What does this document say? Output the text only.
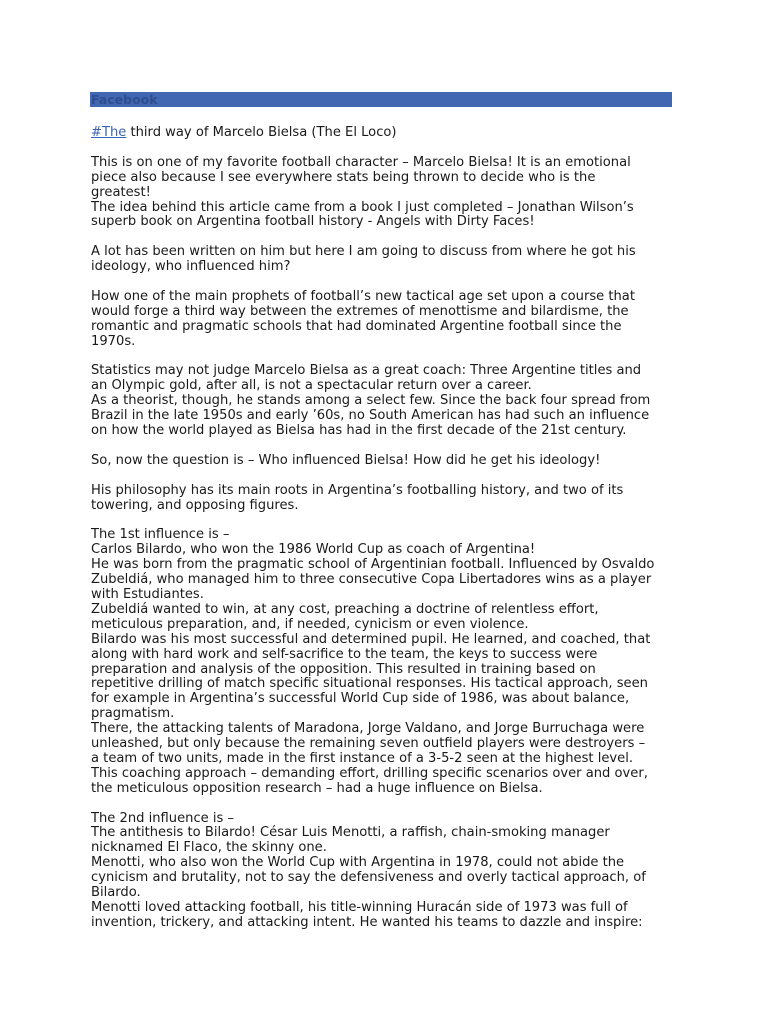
Facebook

#The third way of Marcelo Bielsa (The El Loco)

This is on one of my favorite football character – Marcelo Bielsa! It is an emotional

piece also because I see everywhere stats being thrown to decide who is the

greatest!

The idea behind this article came from a book I just completed – Jonathan Wilson’s

superb book on Argentina football history - Angels with Dirty Faces!

A lot has been written on him but here I am going to discuss from where he got his

ideology, who influenced him?

How one of the main prophets of football’s new tactical age set upon a course that

would forge a third way between the extremes of menottisme and bilardisme, the

romantic and pragmatic schools that had dominated Argentine football since the

1970s.

Statistics may not judge Marcelo Bielsa as a great coach: Three Argentine titles and

an Olympic gold, after all, is not a spectacular return over a career.

As a theorist, though, he stands among a select few. Since the back four spread from

Brazil in the late 1950s and early ’60s, no South American has had such an influence

on how the world played as Bielsa has had in the first decade of the 21st century.

So, now the question is – Who influenced Bielsa! How did he get his ideology!

His philosophy has its main roots in Argentina’s footballing history, and two of its

towering, and opposing figures.

The 1st influence is –

Carlos Bilardo, who won the 1986 World Cup as coach of Argentina!

He was born from the pragmatic school of Argentinian football. Influenced by Osvaldo

Zubeldiá, who managed him to three consecutive Copa Libertadores wins as a player

with Estudiantes.

Zubeldiá wanted to win, at any cost, preaching a doctrine of relentless effort,

meticulous preparation, and, if needed, cynicism or even violence.

Bilardo was his most successful and determined pupil. He learned, and coached, that

along with hard work and self-sacrifice to the team, the keys to success were

preparation and analysis of the opposition. This resulted in training based on

repetitive drilling of match specific situational responses. His tactical approach, seen

for example in Argentina’s successful World Cup side of 1986, was about balance,

pragmatism.

There, the attacking talents of Maradona, Jorge Valdano, and Jorge Burruchaga were

unleashed, but only because the remaining seven outfield players were destroyers –

a team of two units, made in the first instance of a 3-5-2 seen at the highest level.

This coaching approach – demanding effort, drilling specific scenarios over and over,

the meticulous opposition research – had a huge influence on Bielsa.

The 2nd influence is –

The antithesis to Bilardo! César Luis Menotti, a raffish, chain-smoking manager

nicknamed El Flaco, the skinny one.

Menotti, who also won the World Cup with Argentina in 1978, could not abide the

cynicism and brutality, not to say the defensiveness and overly tactical approach, of

Bilardo.

Menotti loved attacking football, his title-winning Huracán side of 1973 was full of

invention, trickery, and attacking intent. He wanted his teams to dazzle and inspire:
